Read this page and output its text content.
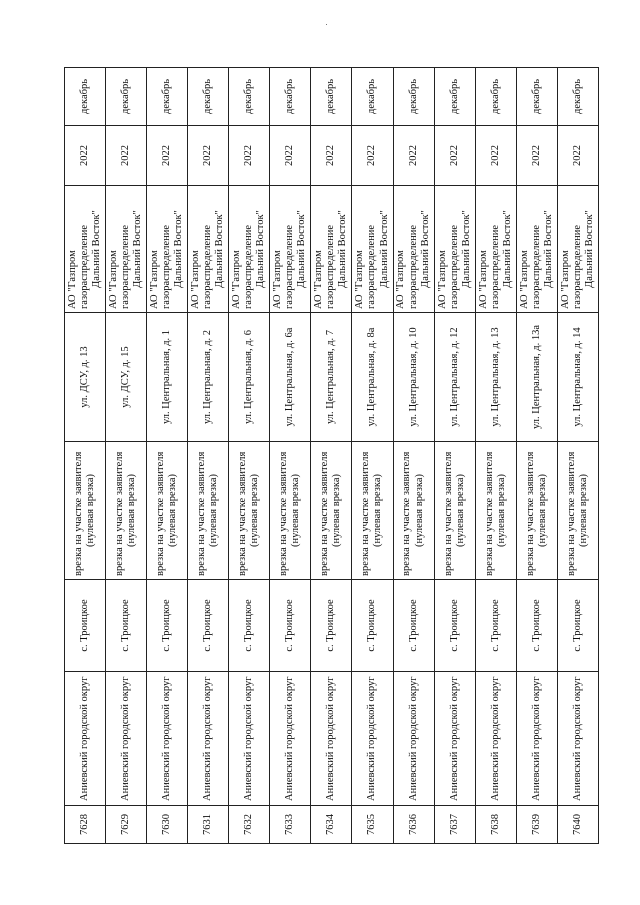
7628	Аниевский городской округ	с. Троицкое	врезка на участке заявителя (нулевая врезка)	ул. ДСУ, д. 13	АО "Газпром газораспределение Дальний Восток"	2022	декабрь
7629	Аниевский городской округ	с. Троицкое	врезка на участке заявителя (нулевая врезка)	ул. ДСУ, д. 15	АО "Газпром газораспределение Дальний Восток"	2022	декабрь
7630	Аниевский городской округ	с. Троицкое	врезка на участке заявителя (нулевая врезка)	ул. Центральная, д. 1	АО "Газпром газораспределение Дальний Восток"	2022	декабрь
7631	Аниевский городской округ	с. Троицкое	врезка на участке заявителя (нулевая врезка)	ул. Центральная, д. 2	АО "Газпром газораспределение Дальний Восток"	2022	декабрь
7632	Аниевский городской округ	с. Троицкое	врезка на участке заявителя (нулевая врезка)	ул. Центральная, д. 6	АО "Газпром газораспределение Дальний Восток"	2022	декабрь
7633	Аниевский городской округ	с. Троицкое	врезка на участке заявителя (нулевая врезка)	ул. Центральная, д. 6а	АО "Газпром газораспределение Дальний Восток"	2022	декабрь
7634	Аниевский городской округ	с. Троицкое	врезка на участке заявителя (нулевая врезка)	ул. Центральная, д. 7	АО "Газпром газораспределение Дальний Восток"	2022	декабрь
7635	Аниевский городской округ	с. Троицкое	врезка на участке заявителя (нулевая врезка)	ул. Центральная, д. 8а	АО "Газпром газораспределение Дальний Восток"	2022	декабрь
7636	Аниевский городской округ	с. Троицкое	врезка на участке заявителя (нулевая врезка)	ул. Центральная, д. 10	АО "Газпром газораспределение Дальний Восток"	2022	декабрь
7637	Аниевский городской округ	с. Троицкое	врезка на участке заявителя (нулевая врезка)	ул. Центральная, д. 12	АО "Газпром газораспределение Дальний Восток"	2022	декабрь
7638	Аниевский городской округ	с. Троицкое	врезка на участке заявителя (нулевая врезка)	ул. Центральная, д. 13	АО "Газпром газораспределение Дальний Восток"	2022	декабрь
7639	Аниевский городской округ	с. Троицкое	врезка на участке заявителя (нулевая врезка)	ул. Центральная, д. 13а	АО "Газпром газораспределение Дальний Восток"	2022	декабрь
7640	Аниевский городской округ	с. Троицкое	врезка на участке заявителя (нулевая врезка)	ул. Центральная, д. 14	АО "Газпром газораспределение Дальний Восток"	2022	декабрь
